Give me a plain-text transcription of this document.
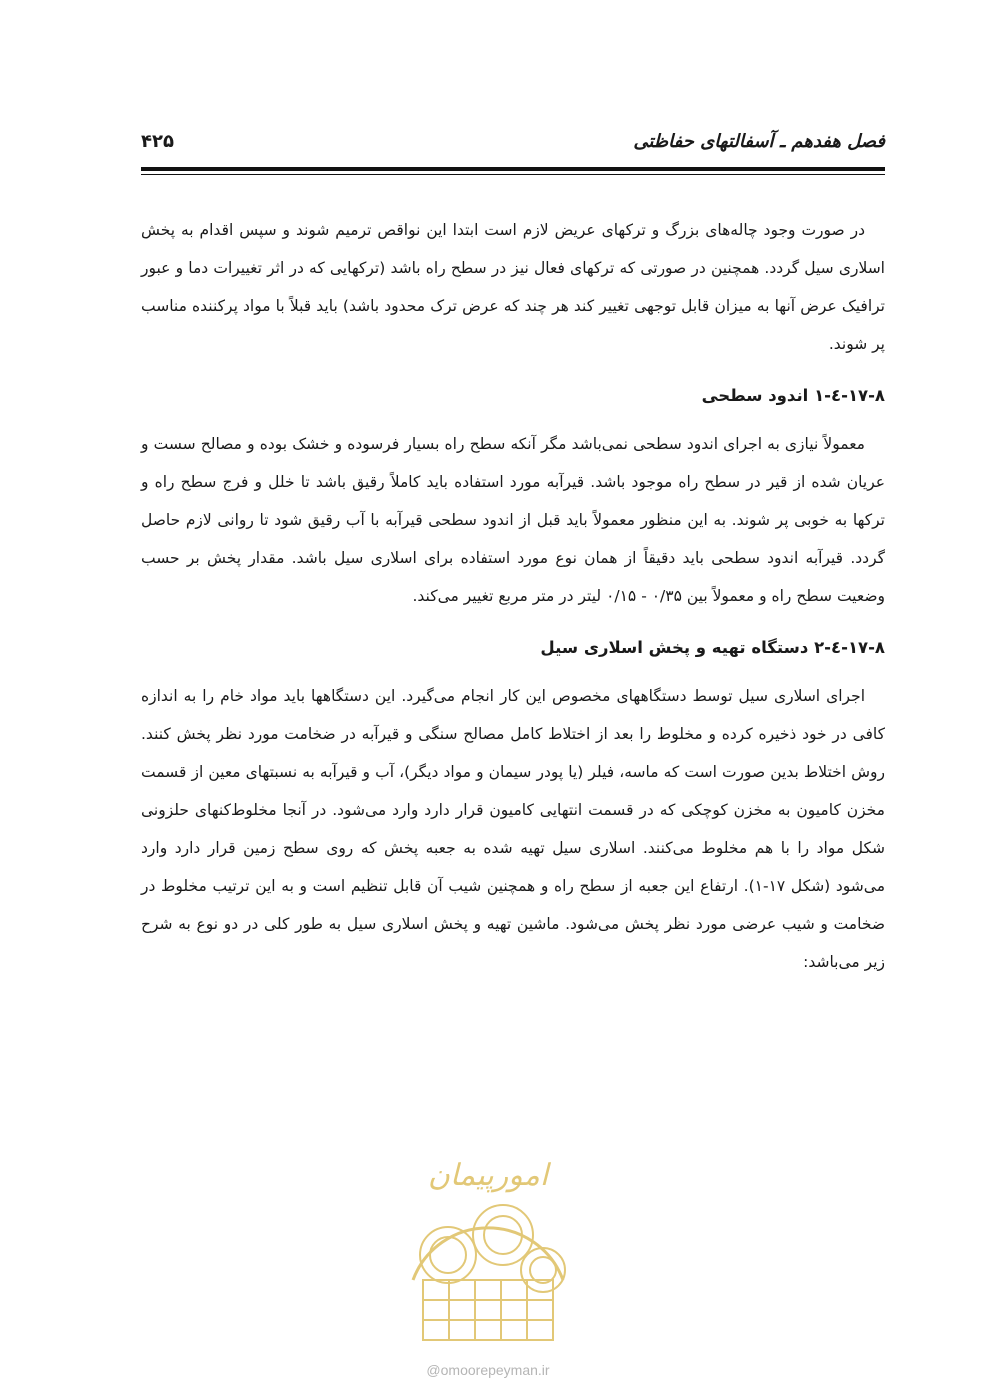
فصل هفدهم ـ آسفالتهای حفاظتی
۴۲۵

در صورت وجود چاله‌های بزرگ و ترکهای عریض لازم است ابتدا این نواقص ترمیم شوند و سپس اقدام به پخش اسلاری سیل گردد. همچنین در صورتی که ترکهای فعال نیز در سطح راه باشد (ترکهایی که در اثر تغییرات دما و عبور ترافیک عرض آنها به میزان قابل توجهی تغییر کند هر چند که عرض ترک محدود باشد) باید قبلاً با مواد پرکننده مناسب پر شوند.

۱۷-۸-٤-۱ اندود سطحی

معمولاً نیازی به اجرای اندود سطحی نمی‌باشد مگر آنکه سطح راه بسیار فرسوده و خشک بوده و مصالح سست و عریان شده از قیر در سطح راه موجود باشد. قیرآبه مورد استفاده باید کاملاً رقیق باشد تا خلل و فرج سطح راه و ترکها به خوبی پر شوند. به این منظور معمولاً باید قبل از اندود سطحی قیرآبه با آب رقیق شود تا روانی لازم حاصل گردد. قیرآبه اندود سطحی باید دقیقاً از همان نوع مورد استفاده برای اسلاری سیل باشد. مقدار پخش بر حسب وضعیت سطح راه و معمولاً بین ۰/۳۵ - ۰/۱۵ لیتر در متر مربع تغییر می‌کند.

۱۷-۸-٤-۲ دستگاه تهیه و پخش اسلاری سیل

اجرای اسلاری سیل توسط دستگاههای مخصوص این کار انجام می‌گیرد. این دستگاهها باید مواد خام را به اندازه کافی در خود ذخیره کرده و مخلوط را بعد از اختلاط کامل مصالح سنگی و قیرآبه در ضخامت مورد نظر پخش کنند. روش اختلاط بدین صورت است که ماسه، فیلر (یا پودر سیمان و مواد دیگر)، آب و قیرآبه به نسبتهای معین از قسمت مخزن کامیون به مخزن کوچکی که در قسمت انتهایی کامیون قرار دارد وارد می‌شود. در آنجا مخلوط‌کنهای حلزونی شکل مواد را با هم مخلوط می‌کنند. اسلاری سیل تهیه شده به جعبه پخش که روی سطح زمین قرار دارد وارد می‌شود (شکل ۱۷-۱). ارتفاع این جعبه از سطح راه و همچنین شیب آن قابل تنظیم است و به این ترتیب مخلوط در ضخامت و شیب عرضی مورد نظر پخش می‌شود. ماشین تهیه و پخش اسلاری سیل به طور کلی در دو نوع به شرح زیر می‌باشد:

امورپیمان
@omoorepeyman.ir
